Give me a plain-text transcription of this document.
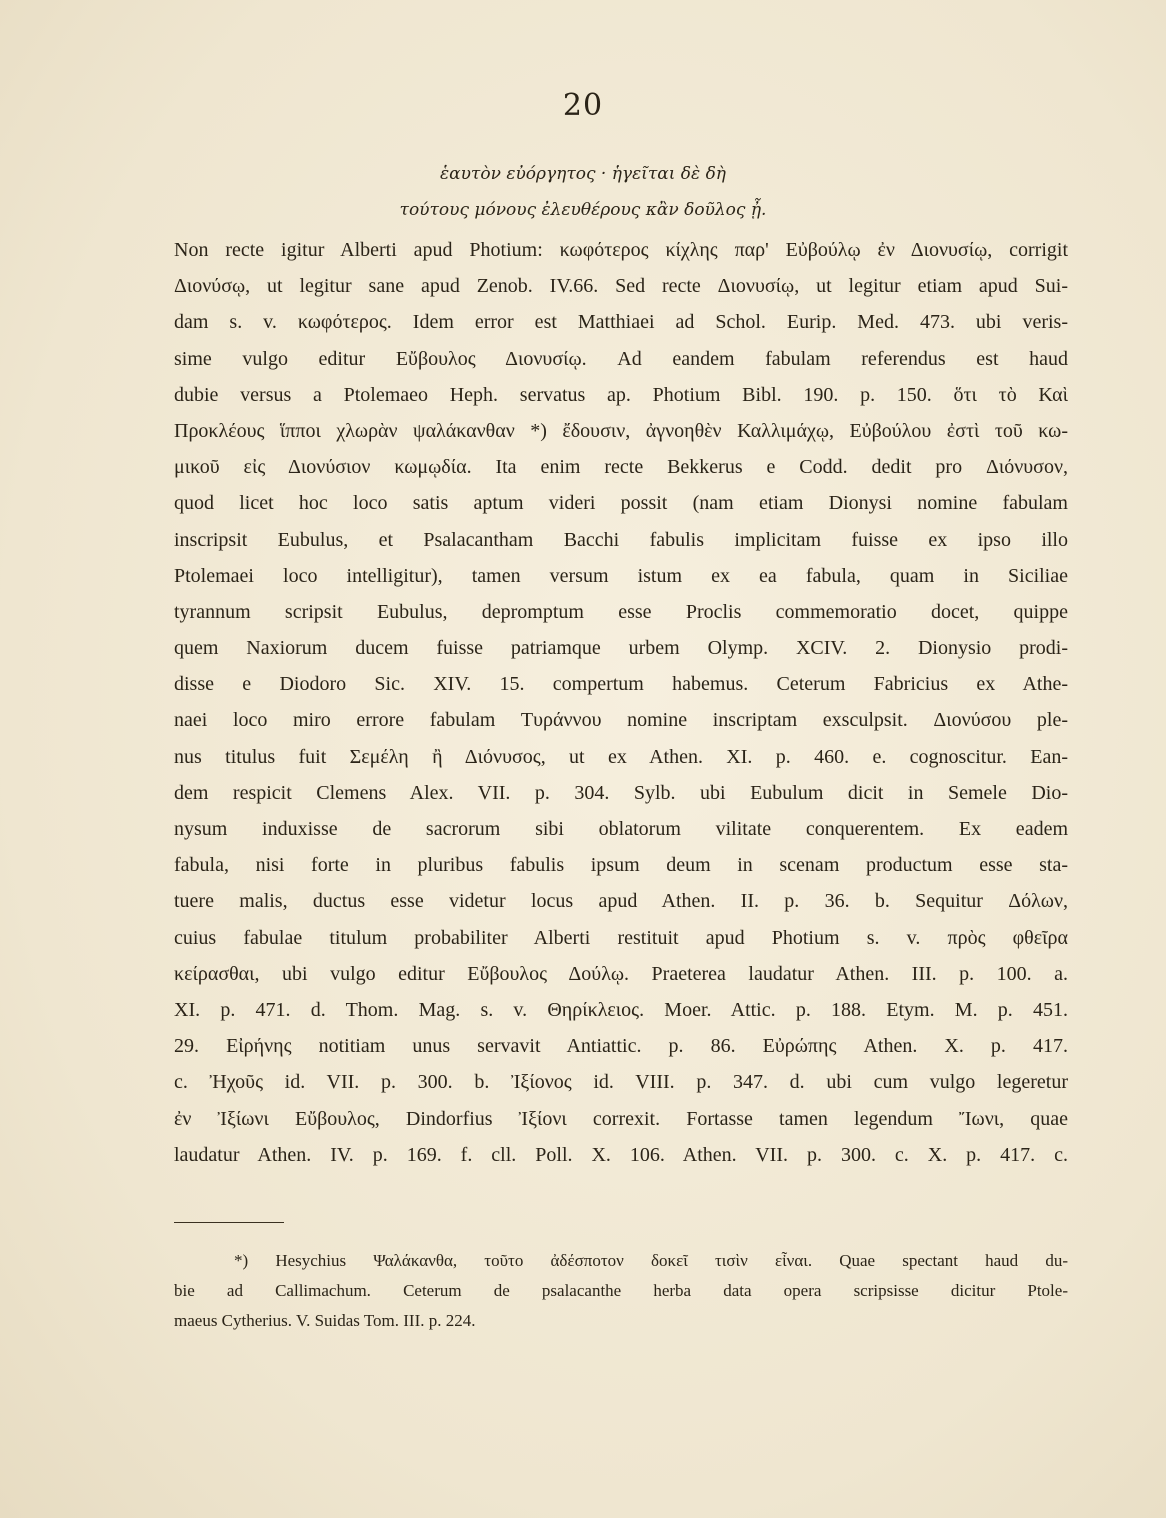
20
ἑαυτὸν εὐόργητος · ἡγεῖται δὲ δὴ
τούτους μόνους ἐλευθέρους κἂν δοῦλος ᾖ.
Non recte igitur Alberti apud Photium: κωφότερος κίχλης παρ' Εὐβούλῳ ἐν Διονυσίῳ, corrigit
Διονύσῳ, ut legitur sane apud Zenob. IV.66. Sed recte Διονυσίῳ, ut legitur etiam apud Sui-
dam s. v. κωφότερος. Idem error est Matthiaei ad Schol. Eurip. Med. 473. ubi veris-
sime vulgo editur Εὔβουλος Διονυσίῳ. Ad eandem fabulam referendus est haud
dubie versus a Ptolemaeo Heph. servatus ap. Photium Bibl. 190. p. 150. ὅτι τὸ Καὶ
Προκλέους ἵπποι χλωρὰν ψαλάκανθαν *) ἔδουσιν, ἀγνοηθὲν Καλλιμάχῳ, Εὐβούλου ἐστὶ τοῦ κω-
μικοῦ εἰς Διονύσιον κωμῳδία. Ita enim recte Bekkerus e Codd. dedit pro Διόνυσον,
quod licet hoc loco satis aptum videri possit (nam etiam Dionysi nomine fabulam
inscripsit Eubulus, et Psalacantham Bacchi fabulis implicitam fuisse ex ipso illo
Ptolemaei loco intelligitur), tamen versum istum ex ea fabula, quam in Siciliae
tyrannum scripsit Eubulus, depromptum esse Proclis commemoratio docet, quippe
quem Naxiorum ducem fuisse patriamque urbem Olymp. XCIV. 2. Dionysio prodi-
disse e Diodoro Sic. XIV. 15. compertum habemus. Ceterum Fabricius ex Athe-
naei loco miro errore fabulam Τυράννου nomine inscriptam exsculpsit. Διονύσου ple-
nus titulus fuit Σεμέλη ἢ Διόνυσος, ut ex Athen. XI. p. 460. e. cognoscitur. Ean-
dem respicit Clemens Alex. VII. p. 304. Sylb. ubi Eubulum dicit in Semele Dio-
nysum induxisse de sacrorum sibi oblatorum vilitate conquerentem. Ex eadem
fabula, nisi forte in pluribus fabulis ipsum deum in scenam productum esse sta-
tuere malis, ductus esse videtur locus apud Athen. II. p. 36. b. Sequitur Δόλων,
cuius fabulae titulum probabiliter Alberti restituit apud Photium s. v. πρὸς φθεῖρα
κείρασθαι, ubi vulgo editur Εὔβουλος Δούλῳ. Praeterea laudatur Athen. III. p. 100. a.
XI. p. 471. d. Thom. Mag. s. v. Θηρίκλειος. Moer. Attic. p. 188. Etym. M. p. 451.
29. Εἰρήνης notitiam unus servavit Antiattic. p. 86. Εὐρώπης Athen. X. p. 417.
c. Ἠχοῦς id. VII. p. 300. b. Ἰξίονος id. VIII. p. 347. d. ubi cum vulgo legeretur
ἐν Ἰξίωνι Εὔβουλος, Dindorfius Ἰξίονι correxit. Fortasse tamen legendum Ἴωνι, quae
laudatur Athen. IV. p. 169. f. cll. Poll. X. 106. Athen. VII. p. 300. c. X. p. 417. c.
*) Hesychius Ψαλάκανθα, τοῦτο ἀδέσποτον δοκεῖ τισὶν εἶναι. Quae spectant haud du-
bie ad Callimachum. Ceterum de psalacanthe herba data opera scripsisse dicitur Ptole-
maeus Cytherius. V. Suidas Tom. III. p. 224.
